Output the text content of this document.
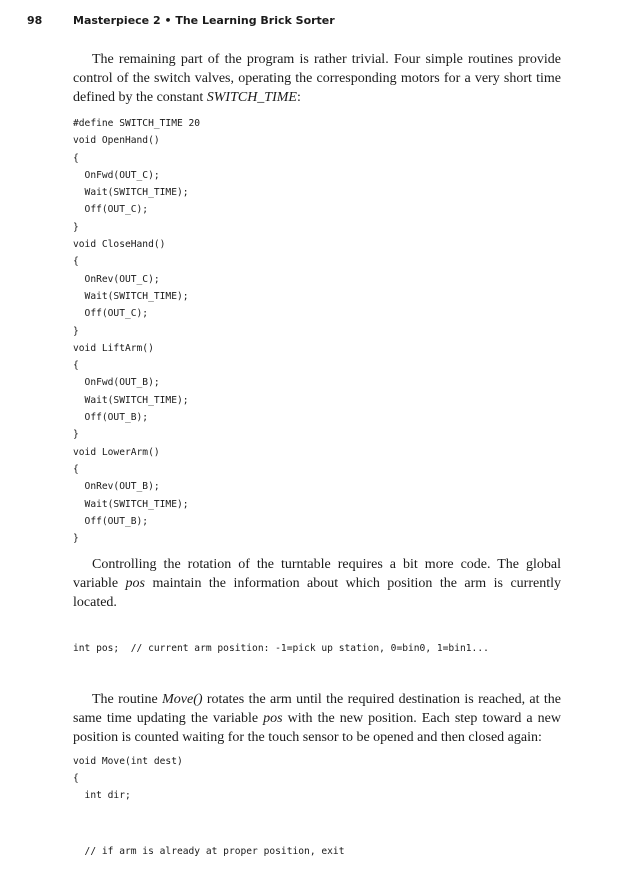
98	Masterpiece 2 • The Learning Brick Sorter

The remaining part of the program is rather trivial. Four simple routines provide control of the switch valves, operating the corresponding motors for a very short time defined by the constant SWITCH_TIME:

#define SWITCH_TIME 20
void OpenHand()
{
OnFwd(OUT_C);
Wait(SWITCH_TIME);
Off(OUT_C);
}
void CloseHand()
{
OnRev(OUT_C);
Wait(SWITCH_TIME);
Off(OUT_C);
}
void LiftArm()
{
OnFwd(OUT_B);
Wait(SWITCH_TIME);
Off(OUT_B);
}
void LowerArm()
{
OnRev(OUT_B);
Wait(SWITCH_TIME);
Off(OUT_B);
}

Controlling the rotation of the turntable requires a bit more code. The global variable pos maintain the information about which position the arm is currently located.

int pos;  // current arm position: -1=pick up station, 0=bin0, 1=bin1...

The routine Move() rotates the arm until the required destination is reached, at the same time updating the variable pos with the new position. Each step toward a new position is counted waiting for the touch sensor to be opened and then closed again:

void Move(int dest)
{
int dir;

// if arm is already at proper position, exit
